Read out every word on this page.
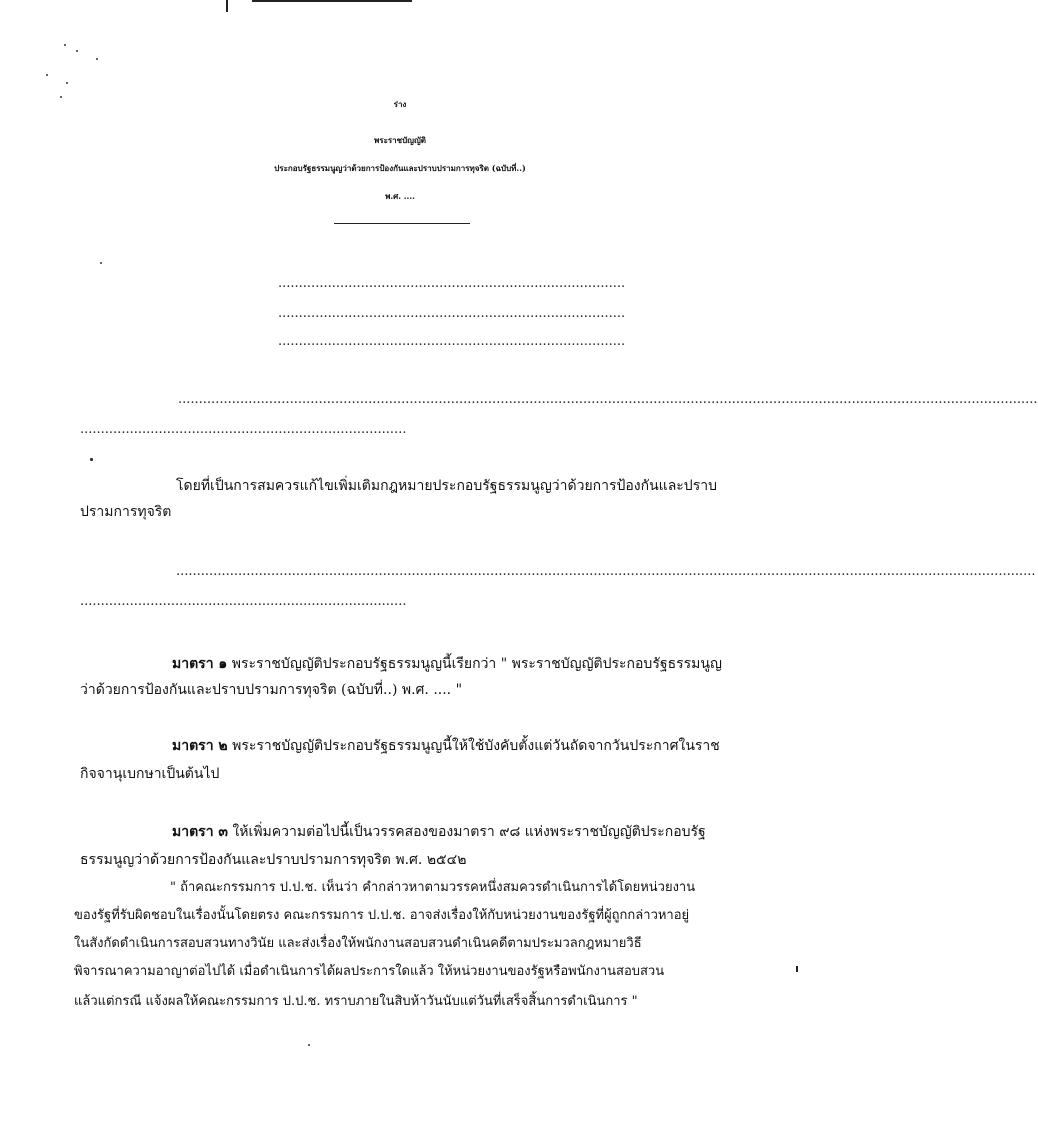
ร่าง
พระราชบัญญัติ
ประกอบรัฐธรรมนูญว่าด้วยการป้องกันและปราบปรามการทุจริต (ฉบับที่..)
พ.ศ. ....
....................................................................................
....................................................................................
....................................................................................
................................................................................................................................................................................................................
...............................................................................
โดยที่เป็นการสมควรแก้ไขเพิ่มเติมกฎหมายประกอบรัฐธรรมนูญว่าด้วยการป้องกันและปราบ
ปรามการทุจริต
................................................................................................................................................................................................................
...............................................................................
มาตรา ๑ พระราชบัญญัติประกอบรัฐธรรมนูญนี้เรียกว่า " พระราชบัญญัติประกอบรัฐธรรมนูญ
ว่าด้วยการป้องกันและปราบปรามการทุจริต (ฉบับที่..) พ.ศ. .... "
มาตรา ๒ พระราชบัญญัติประกอบรัฐธรรมนูญนี้ให้ใช้บังคับตั้งแต่วันถัดจากวันประกาศในราช
กิจจานุเบกษาเป็นต้นไป
มาตรา ๓ ให้เพิ่มความต่อไปนี้เป็นวรรคสองของมาตรา ๙๘ แห่งพระราชบัญญัติประกอบรัฐ
ธรรมนูญว่าด้วยการป้องกันและปราบปรามการทุจริต พ.ศ. ๒๕๔๒
" ถ้าคณะกรรมการ ป.ป.ช. เห็นว่า คำกล่าวหาตามวรรคหนึ่งสมควรดำเนินการได้โดยหน่วยงาน
ของรัฐที่รับผิดชอบในเรื่องนั้นโดยตรง คณะกรรมการ ป.ป.ช. อาจส่งเรื่องให้กับหน่วยงานของรัฐที่ผู้ถูกกล่าวหาอยู่
ในสังกัดดำเนินการสอบสวนทางวินัย และส่งเรื่องให้พนักงานสอบสวนดำเนินคดีตามประมวลกฎหมายวิธี
พิจารณาความอาญาต่อไปได้ เมื่อดำเนินการได้ผลประการใดแล้ว ให้หน่วยงานของรัฐหรือพนักงานสอบสวน
แล้วแต่กรณี แจ้งผลให้คณะกรรมการ ป.ป.ช. ทราบภายในสิบห้าวันนับแต่วันที่เสร็จสิ้นการดำเนินการ "
